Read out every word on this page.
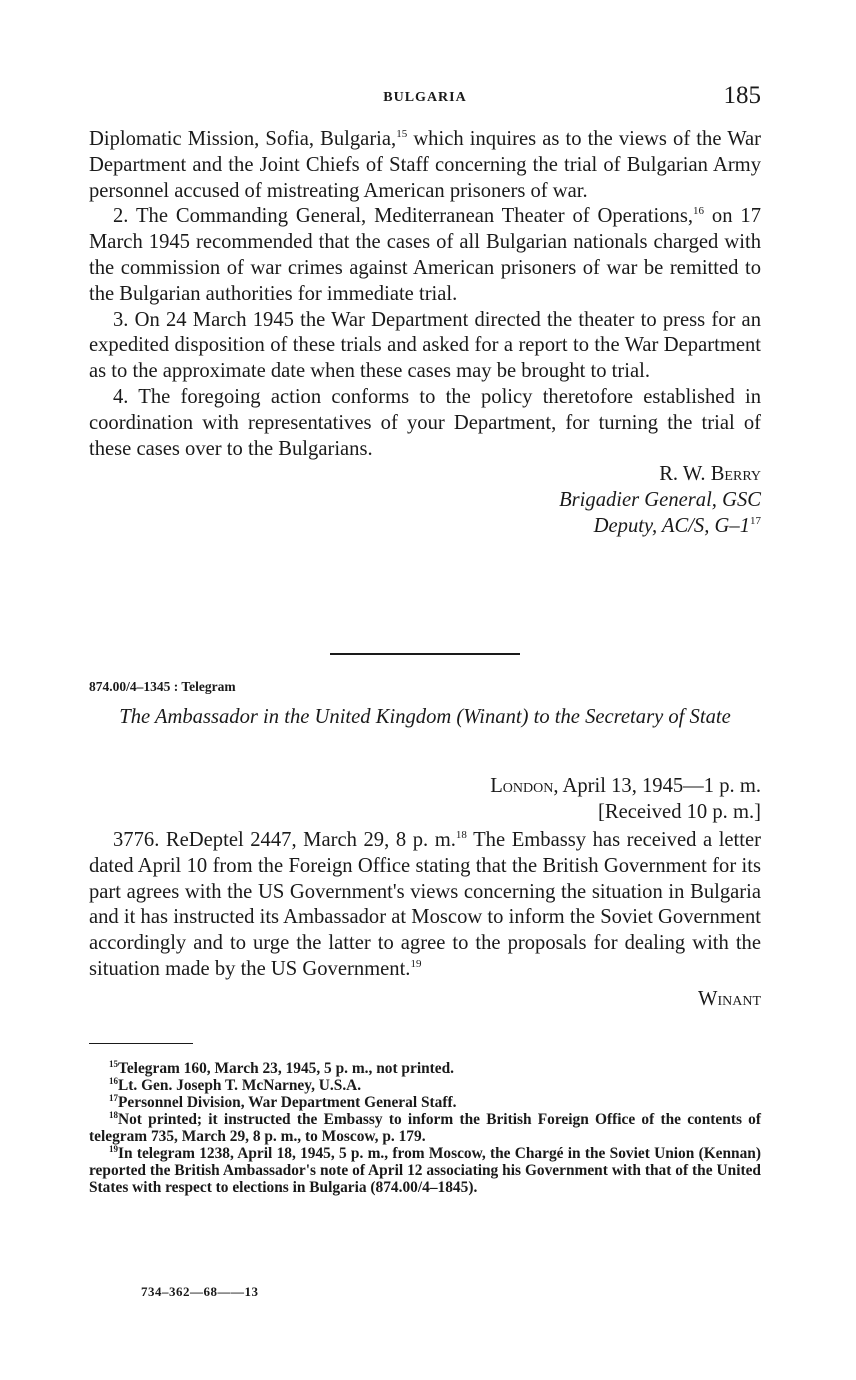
BULGARIA	185

Diplomatic Mission, Sofia, Bulgaria,$^{15}$ which inquires as to the views of the War Department and the Joint Chiefs of Staff concerning the trial of Bulgarian Army personnel accused of mistreating American prisoners of war.

2. The Commanding General, Mediterranean Theater of Operations,$^{16}$ on 17 March 1945 recommended that the cases of all Bulgarian nationals charged with the commission of war crimes against American prisoners of war be remitted to the Bulgarian authorities for immediate trial.

3. On 24 March 1945 the War Department directed the theater to press for an expedited disposition of these trials and asked for a report to the War Department as to the approximate date when these cases may be brought to trial.

4. The foregoing action conforms to the policy theretofore established in coordination with representatives of your Department, for turning the trial of these cases over to the Bulgarians.

R. W. Berry
Brigadier General, GSC
Deputy, AC/S, $G-1^{17}$
874.00/4–1345 : Telegram
The Ambassador in the United Kingdom (Winant) to the Secretary of State
London, April 13, 1945—1 p. m.
[Received 10 p. m.]

3776. ReDeptel 2447, March 29, 8 p. m.$^{18}$ The Embassy has received a letter dated April 10 from the Foreign Office stating that the British Government for its part agrees with the US Government's views concerning the situation in Bulgaria and it has instructed its Ambassador at Moscow to inform the Soviet Government accordingly and to urge the latter to agree to the proposals for dealing with the situation made by the US Government.$^{19}$

Winant

$^{15}$Telegram 160, March 23, 1945, 5 p. m., not printed.

$^{16}$Lt. Gen. Joseph T. McNarney, U.S.A.

$^{17}$Personnel Division, War Department General Staff.

$^{18}$Not printed; it instructed the Embassy to inform the British Foreign Office of the contents of telegram 735, March 29, 8 p. m., to Moscow, p. 179.

$^{19}$In telegram 1238, April 18, 1945, 5 p. m., from Moscow, the Chargé in the Soviet Union (Kennan) reported the British Ambassador's note of April 12 associating his Government with that of the United States with respect to elections in Bulgaria (874.00/4–1845).

734–362—68——13
